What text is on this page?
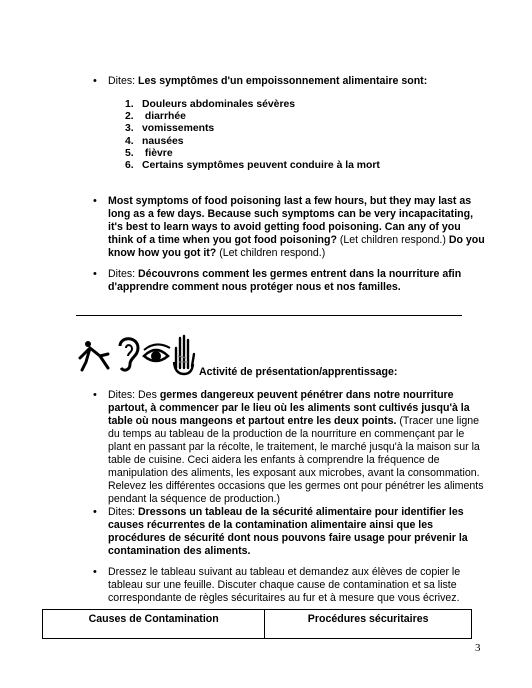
• Dites: Les symptômes d'un empoissonnement alimentaire sont:
1. Douleurs abdominales sévères
2. diarrhée
3. vomissements
4. nausées
5. fièvre
6. Certains symptômes peuvent conduire à la mort
• Most symptoms of food poisoning last a few hours, but they may last as long as a few days. Because such symptoms can be very incapacitating, it's best to learn ways to avoid getting food poisoning. Can any of you think of a time when you got food poisoning? (Let children respond.) Do you know how you got it? (Let children respond.)
• Dites: Découvrons comment les germes entrent dans la nourriture afin d'apprendre comment nous protéger nous et nos familles.
Activité de présentation/apprentissage:
• Dites: Des germes dangereux peuvent pénétrer dans notre nourriture partout, à commencer par le lieu où les aliments sont cultivés jusqu'à la table où nous mangeons et partout entre les deux points. (Tracer une ligne du temps au tableau de la production de la nourriture en commençant par le plant en passant par la récolte, le traitement, le marché jusqu'à la maison sur la table de cuisine. Ceci aidera les enfants à comprendre la fréquence de manipulation des aliments, les exposant aux microbes, avant la consommation. Relevez les différentes occasions que les germes ont pour pénétrer les aliments pendant la séquence de production.)
• Dites: Dressons un tableau de la sécurité alimentaire pour identifier les causes récurrentes de la contamination alimentaire ainsi que les procédures de sécurité dont nous pouvons faire usage pour prévenir la contamination des aliments.
• Dressez le tableau suivant au tableau et demandez aux élèves de copier le tableau sur une feuille. Discuter chaque cause de contamination et sa liste correspondante de règles sécuritaires au fur et à mesure que vous écrivez.
Causes de Contamination	Procédures sécuritaires
3
